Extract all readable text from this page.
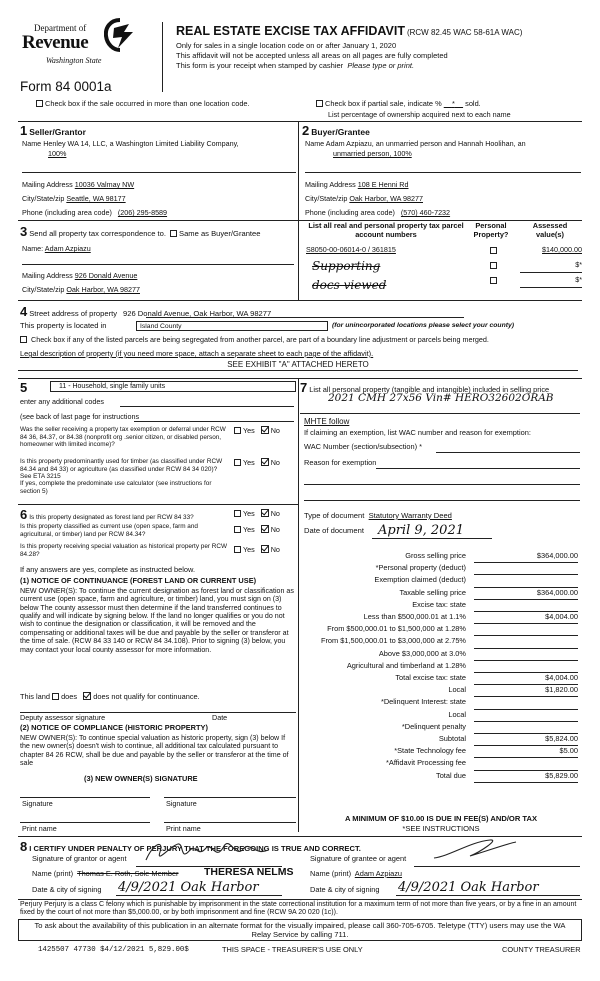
Department of
Revenue
Washington State
Form 84 0001a
REAL ESTATE EXCISE TAX AFFIDAVIT (RCW 82.45 WAC 58-61A WAC)
Only for sales in a single location code on or after January 1, 2020
This affidavit will not be accepted unless all areas on all pages are fully completed
This form is your receipt when stamped by cashier Please type or print.
Check box if the sale occurred in more than one location code.	Check box if partial sale, indicate % * sold.
List percentage of ownership acquired next to each name
1 Seller/Grantor
Name Henley WA 14, LLC, a Washington Limited Liability Company,
100%
Mailing Address 10036 Valmay NW
City/State/zip Seattle, WA 98177
Phone (including area code) (206) 295-8589
2 Buyer/Grantee
Name Adam Azpiazu, an unmarried person and Hannah Hoolihan, an
unmarried person, 100%
Mailing Address 108 E Henni Rd
City/State/zip Oak Harbor, WA 98277
Phone (including area code) (570) 460-7232
3 Send all property tax correspondence to. Same as Buyer/Grantee
Name: Adam Azpiazu
Mailing Address 926 Donald Avenue
City/State/zip Oak Harbor, WA 98277
List all real and personal property tax parcel account numbers
Personal Property?
Assessed value(s)
S8050-00-06014-0 / 361815	$140,000.00
Supporting	$*
docs viewed	$*
4 Street address of property 926 Donald Avenue, Oak Harbor, WA 98277
This property is located in	Island County	(for unincorporated locations please select your county)
Check box if any of the listed parcels are being segregated from another parcel, are part of a boundary line adjustment or parcels being merged.
Legal description of property (if you need more space, attach a separate sheet to each page of the affidavit).
SEE EXHIBIT "A" ATTACHED HERETO
5	11 - Household, single family units
enter any additional codes
(see back of last page for instructions
Was the seller receiving a property tax exemption or deferral under RCW 84 36, 84.37, or 84.38 (nonprofit org .senior citizen, or disabled person, homeowner with limited income)?
Yes No
Is this property predominantly used for timber (as classified under RCW 84.34 and 84 33) or agriculture (as classified under RCW 84 34 020)? See ETA 3215
If yes, complete the predominate use calculator (see instructions for section 5)
Yes No
6 Is this property designated as forest land per RCW 84 33?	Yes No
Is this property classified as current use (open space, farm and agricultural, or timber) land per RCW 84.34?
Yes No
Is this property receiving special valuation as historical property per RCW 84.28?
Yes No
If any answers are yes, complete as instructed below.
(1) NOTICE OF CONTINUANCE (FOREST LAND OR CURRENT USE)
NEW OWNER(S): To continue the current designation as forest land or classification as current use (open space, farm and agriculture, or timber) land, you must sign on (3) below The county assessor must then determine if the land transferred continues to qualify and will indicate by signing below. If the land no longer qualifies or you do not wish to continue the designation or classification, it will be removed and the compensating or additional taxes will be due and payable by the seller or transferor at the time of sale. (RCW 84 33 140 or RCW 84 34.108). Prior to signing (3) below, you may contact your local county assessor for more information.
This land does does not qualify for continuance.
Deputy assessor signature	Date
(2) NOTICE OF COMPLIANCE (HISTORIC PROPERTY)
NEW OWNER(S): To continue special valuation as historic property, sign (3) below If the new owner(s) doesn't wish to continue, all additional tax calculated pursuant to chapter 84 26 RCW, shall be due and payable by the seller or transferor at the time of sale
(3) NEW OWNER(S) SIGNATURE
Signature	Signature
Print name	Print name
7 List all personal property (tangible and intangible) included in selling price
2021 CMH 27x56 Vin# HERO32602ORAB
MHTE follow
If claiming an exemption, list WAC number and reason for exemption:
WAC Number (section/subsection) *
Reason for exemption
Type of document Statutory Warranty Deed
Date of document April 9, 2021
Gross selling price	$364,000.00
*Personal property (deduct)
Exemption claimed (deduct)
Taxable selling price	$364,000.00
Excise tax: state
Less than $500,000.01 at 1.1%	$4,004.00
From $500,000.01 to $1,500,000 at 1.28%
From $1,500,000.01 to $3,000,000 at 2.75%
Above $3,000,000 at 3.0%
Agricultural and timberland at 1.28%
Total excise tax: state	$4,004.00
Local	$1,820.00
*Delinquent Interest: state
Local
*Delinquent penalty
Subtotal	$5,824.00
*State Technology fee	$5.00
*Affidavit Processing fee
Total due	$5,829.00
A MINIMUM OF $10.00 IS DUE IN FEE(S) AND/OR TAX
*SEE INSTRUCTIONS
8 I CERTIFY UNDER PENALTY OF PERJURY THAT THE FOREGOING IS TRUE AND CORRECT.
Signature of grantor or agent	Signature of grantee or agent
Name (print) Thomas E. Roth, Sole Member THERESA NELMS Name (print) Adam Azpiazu
Date & city of signing 4/9/2021 Oak Harbor	Date & city of signing 4/9/2021 Oak Harbor
Perjury Perjury is a class C felony which is punishable by imprisonment in the state correctional institution for a maximum term of not more than five years, or by a fine in an amount fixed by the court of not more than $5,000.00, or by both imprisonment and fine (RCW 9A 20 020 (1c)).
To ask about the availability of this publication in an alternate format for the visually impaired, please call 360-705-6705. Teletype (TTY) users may use the WA Relay Service by calling 711.
1425507 47730 $4/12/2021 5,829.00$	THIS SPACE - TREASURER'S USE ONLY	COUNTY TREASURER
